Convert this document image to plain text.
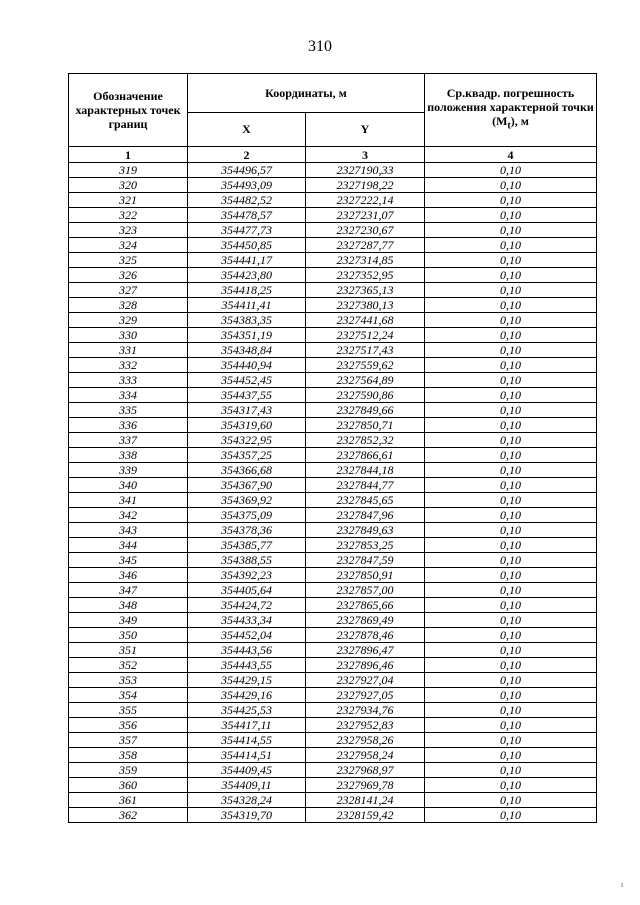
310
Обозначение характерных точек границ	Координаты, м		Ср.квадр. погрешность положения характерной точки $(M_t)$, м
	X	Y	
1	2	3	4
319	354496,57	2327190,33	0,10
320	354493,09	2327198,22	0,10
321	354482,52	2327222,14	0,10
322	354478,57	2327231,07	0,10
323	354477,73	2327230,67	0,10
324	354450,85	2327287,77	0,10
325	354441,17	2327314,85	0,10
326	354423,80	2327352,95	0,10
327	354418,25	2327365,13	0,10
328	354411,41	2327380,13	0,10
329	354383,35	2327441,68	0,10
330	354351,19	2327512,24	0,10
331	354348,84	2327517,43	0,10
332	354440,94	2327559,62	0,10
333	354452,45	2327564,89	0,10
334	354437,55	2327590,86	0,10
335	354317,43	2327849,66	0,10
336	354319,60	2327850,71	0,10
337	354322,95	2327852,32	0,10
338	354357,25	2327866,61	0,10
339	354366,68	2327844,18	0,10
340	354367,90	2327844,77	0,10
341	354369,92	2327845,65	0,10
342	354375,09	2327847,96	0,10
343	354378,36	2327849,63	0,10
344	354385,77	2327853,25	0,10
345	354388,55	2327847,59	0,10
346	354392,23	2327850,91	0,10
347	354405,64	2327857,00	0,10
348	354424,72	2327865,66	0,10
349	354433,34	2327869,49	0,10
350	354452,04	2327878,46	0,10
351	354443,56	2327896,47	0,10
352	354443,55	2327896,46	0,10
353	354429,15	2327927,04	0,10
354	354429,16	2327927,05	0,10
355	354425,53	2327934,76	0,10
356	354417,11	2327952,83	0,10
357	354414,55	2327958,26	0,10
358	354414,51	2327958,24	0,10
359	354409,45	2327968,97	0,10
360	354409,11	2327969,78	0,10
361	354328,24	2328141,24	0,10
362	354319,70	2328159,42	0,10
ı
